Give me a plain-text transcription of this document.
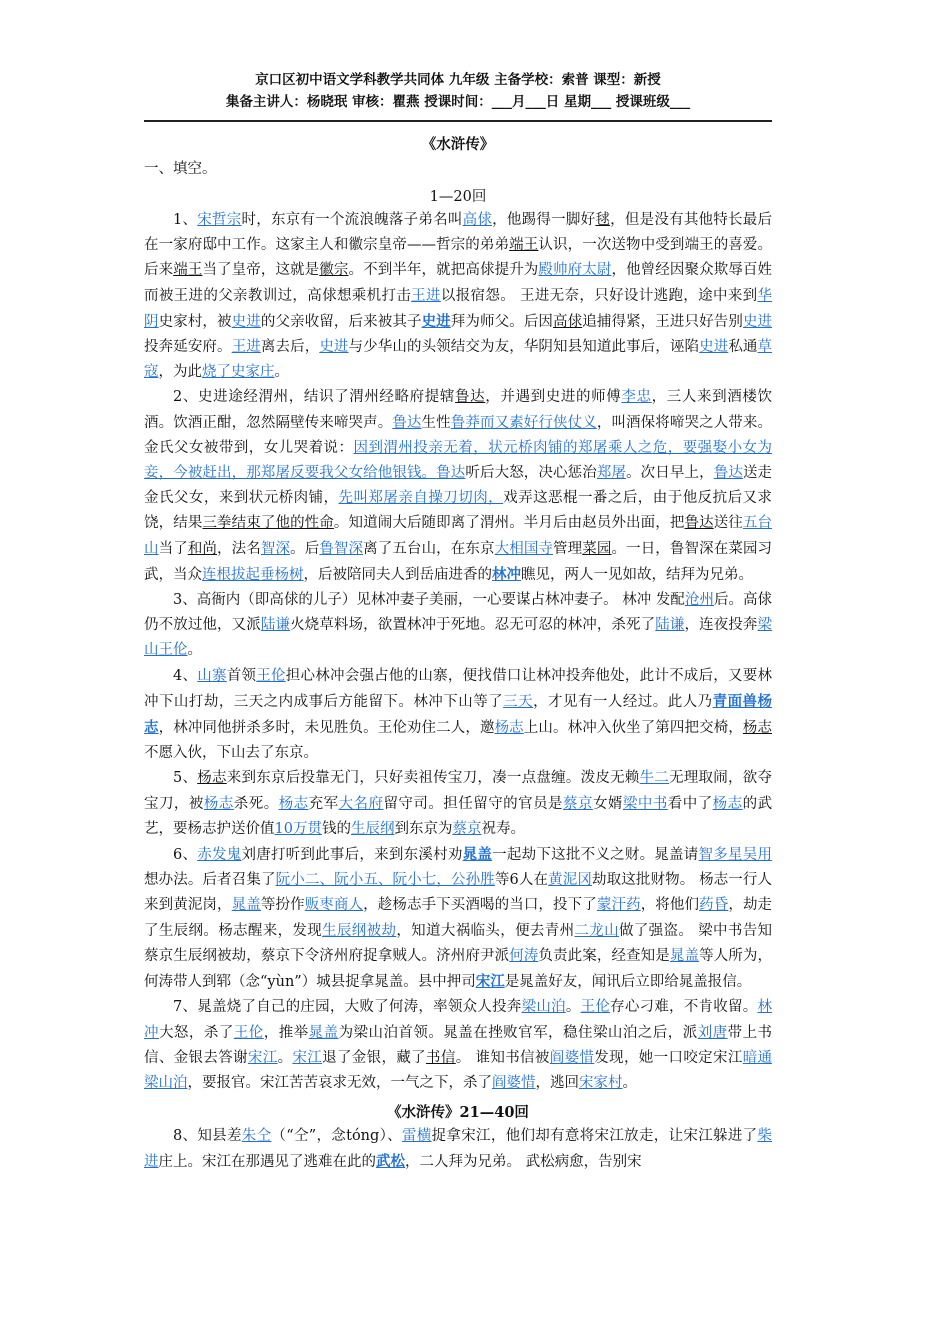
京口区初中语文学科教学共同体 九年级 主备学校：索普 课型：新授
集备主讲人：杨晓珉 审核：瞿燕 授课时间：___月___日 星期___ 授课班级___
《水浒传》
一、填空。
1—20回

1、宋哲宗时，东京有一个流浪魄落子弟名叫高俅，他踢得一脚好毬，但是没有其他特长最后在一家府邸中工作。这家主人和徽宗皇帝——哲宗的弟弟端王认识，一次送物中受到端王的喜爱。后来端王当了皇帝，这就是徽宗。不到半年，就把高俅提升为殿帅府太尉，他曾经因聚众欺辱百姓而被王进的父亲教训过，高俅想乘机打击王进以报宿怨。 王进无奈，只好设计逃跑，途中来到华阴史家村，被史进的父亲收留，后来被其子史进拜为师父。后因高俅追捕得紧，王进只好告别史进投奔延安府。王进离去后，史进与少华山的头领结交为友，华阴知县知道此事后，诬陷史进私通草寇，为此烧了史家庄。

2、史进途经渭州，结识了渭州经略府提辖鲁达，并遇到史进的师傅李忠，三人来到酒楼饮酒。饮酒正酣，忽然隔壁传来啼哭声。鲁达生性鲁莽而又素好行侠仗义，叫酒保将啼哭之人带来。金氏父女被带到，女儿哭着说：因到渭州投亲无着，状元桥肉铺的郑屠乘人之危，要强娶小女为妾，今被赶出，那郑屠反要我父女给他银钱。鲁达听后大怒，决心惩治郑屠。次日早上，鲁达送走金氏父女，来到状元桥肉铺，先叫郑屠亲自操刀切肉，戏弄这恶棍一番之后，由于他反抗后又求饶，结果三拳结束了他的性命。知道闹大后随即离了渭州。半月后由赵员外出面，把鲁达送往五台山当了和尚，法名智深。后鲁智深离了五台山，在东京大相国寺管理菜园。一日，鲁智深在菜园习武，当众连根拔起垂杨树，后被陪同夫人到岳庙进香的林冲瞧见，两人一见如故，结拜为兄弟。

3、高衙内（即高俅的儿子）见林冲妻子美丽，一心要谋占林冲妻子。 林冲 发配沧州后。高俅仍不放过他，又派陆谦火烧草料场，欲置林冲于死地。忍无可忍的林冲，杀死了陆谦，连夜投奔梁山王伦。

4、山寨首领王伦担心林冲会强占他的山寨，便找借口让林冲投奔他处，此计不成后，又要林冲下山打劫，三天之内成事后方能留下。林冲下山等了三天，才见有一人经过。此人乃青面兽杨志，林冲同他拼杀多时，未见胜负。王伦劝住二人，邀杨志上山。林冲入伙坐了第四把交椅，杨志不愿入伙，下山去了东京。

5、杨志来到东京后投靠无门，只好卖祖传宝刀，凑一点盘缠。泼皮无赖牛二无理取闹，欲夺宝刀，被杨志杀死。杨志充军大名府留守司。担任留守的官员是蔡京女婿梁中书看中了杨志的武艺，要杨志护送价值10万贯钱的生辰纲到东京为蔡京祝寿。

6、赤发鬼刘唐打听到此事后，来到东溪村劝晁盖一起劫下这批不义之财。晁盖请智多星吴用想办法。后者召集了阮小二、阮小五、阮小七，公孙胜等6人在黄泥冈劫取这批财物。 杨志一行人来到黄泥岗，晁盖等扮作贩枣商人，趁杨志手下买酒喝的当口，投下了蒙汗药，将他们药昏，劫走了生辰纲。杨志醒来，发现生辰纲被劫，知道大祸临头，便去青州二龙山做了强盗。 梁中书告知蔡京生辰纲被劫，蔡京下令济州府捉拿贼人。济州府尹派何涛负责此案，经查知是晁盖等人所为，何涛带人到郓（念“yùn”）城县捉拿晁盖。县中押司宋江是晁盖好友，闻讯后立即给晁盖报信。

7、晁盖烧了自己的庄园，大败了何涛，率领众人投奔梁山泊。王伦存心刁难，不肯收留。林冲大怒，杀了王伦，推举晁盖为梁山泊首领。晁盖在挫败官军，稳住梁山泊之后，派刘唐带上书信、金银去答谢宋江。宋江退了金银，藏了书信。 谁知书信被阎婆惜发现，她一口咬定宋江暗通梁山泊，要报官。宋江苦苦哀求无效，一气之下，杀了阎婆惜，逃回宋家村。

《水浒传》21—40回

8、知县差朱仝（“仝”，念tóng）、雷横捉拿宋江，他们却有意将宋江放走，让宋江躲进了柴进庄上。宋江在那遇见了逃难在此的武松，二人拜为兄弟。 武松病愈，告别宋
